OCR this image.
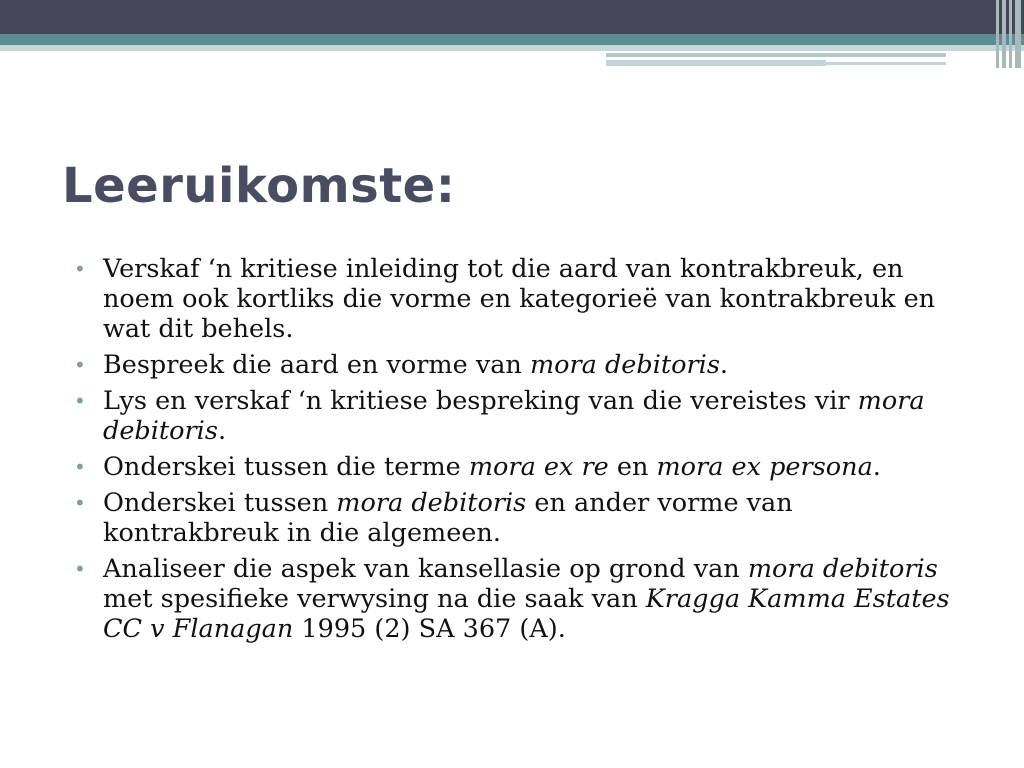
Leeruikomste:
• Verskaf ‘n kritiese inleiding tot die aard van kontrakbreuk, en noem ook kortliks die vorme en kategorieë van kontrakbreuk en wat dit behels.
• Bespreek die aard en vorme van mora debitoris.
• Lys en verskaf ‘n kritiese bespreking van die vereistes vir mora debitoris.
• Onderskei tussen die terme mora ex re en mora ex persona.
• Onderskei tussen mora debitoris en ander vorme van kontrakbreuk in die algemeen.
• Analiseer die aspek van kansellasie op grond van mora debitoris met spesifieke verwysing na die saak van Kragga Kamma Estates CC v Flanagan 1995 (2) SA 367 (A).
